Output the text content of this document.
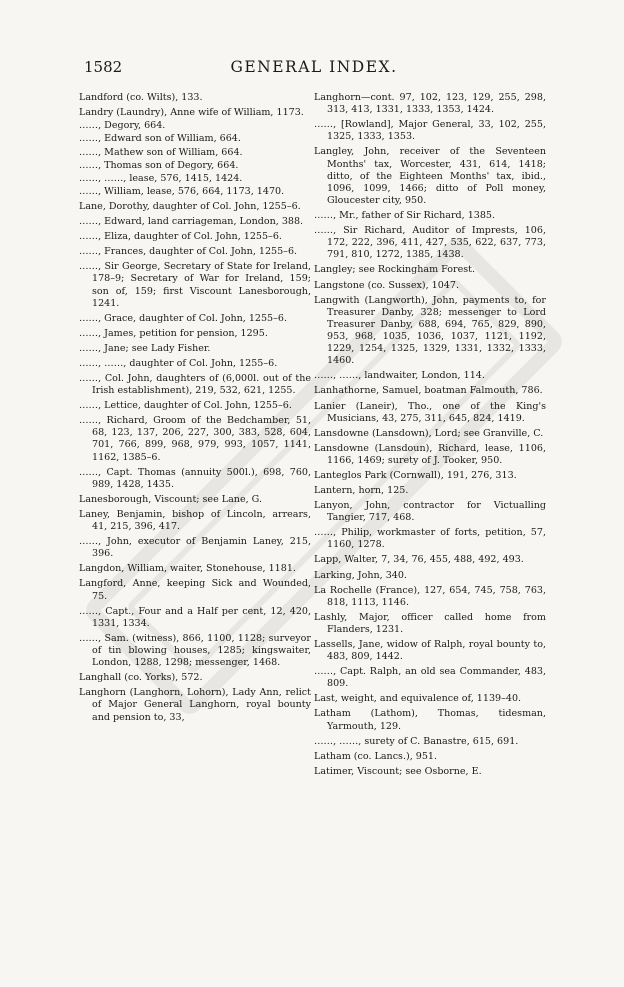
1582	GENERAL INDEX.

Landford (co. Wilts), 133.

Landry (Laundry), Anne wife of William, 1173.

……, Degory, 664.

……, Edward son of William, 664.

……, Mathew son of William, 664.

……, Thomas son of Degory, 664.

……, ……, lease, 576, 1415, 1424.

……, William, lease, 576, 664, 1173, 1470.

Lane, Dorothy, daughter of Col. John, 1255–6.

……, Edward, land carriageman, London, 388.

……, Eliza, daughter of Col. John, 1255–6.

……, Frances, daughter of Col. John, 1255–6.

……, Sir George, Secretary of State for Ireland, 178–9; Secretary of War for Ireland, 159; son of, 159; first Viscount Lanesborough, 1241.

……, Grace, daughter of Col. John, 1255–6.

……, James, petition for pension, 1295.

……, Jane; see Lady Fisher.

……, ……, daughter of Col. John, 1255–6.

……, Col. John, daughters of (6,000l. out of the Irish establishment), 219, 532, 621, 1255.

……, Lettice, daughter of Col. John, 1255–6.

……, Richard, Groom of the Bedchamber, 51, 68, 123, 137, 206, 227, 300, 383, 528, 604, 701, 766, 899, 968, 979, 993, 1057, 1141, 1162, 1385–6.

……, Capt. Thomas (annuity 500l.), 698, 760, 989, 1428, 1435.

Lanesborough, Viscount; see Lane, G.

Laney, Benjamin, bishop of Lincoln, arrears, 41, 215, 396, 417.

……, John, executor of Benjamin Laney, 215, 396.

Langdon, William, waiter, Stonehouse, 1181.

Langford, Anne, keeping Sick and Wounded, 75.

……, Capt., Four and a Half per cent, 12, 420, 1331, 1334.

……, Sam. (witness), 866, 1100, 1128; surveyor of tin blowing houses, 1285; kingswaiter, London, 1288, 1298; messenger, 1468.

Langhall (co. Yorks), 572.

Langhorn (Langhorn, Lohorn), Lady Ann, relict of Major General Langhorn, royal bounty and pension to, 33,

Langhorn—cont. 97, 102, 123, 129, 255, 298, 313, 413, 1331, 1333, 1353, 1424.

……, [Rowland], Major General, 33, 102, 255, 1325, 1333, 1353.

Langley, John, receiver of the Seventeen Months' tax, Worcester, 431, 614, 1418; ditto, of the Eighteen Months' tax, ibid., 1096, 1099, 1466; ditto of Poll money, Gloucester city, 950.

……, Mr., father of Sir Richard, 1385.

……, Sir Richard, Auditor of Imprests, 106, 172, 222, 396, 411, 427, 535, 622, 637, 773, 791, 810, 1272, 1385, 1438.

Langley; see Rockingham Forest.

Langstone (co. Sussex), 1047.

Langwith (Langworth), John, payments to, for Treasurer Danby, 328; messenger to Lord Treasurer Danby, 688, 694, 765, 829, 890, 953, 968, 1035, 1036, 1037, 1121, 1192, 1229, 1254, 1325, 1329, 1331, 1332, 1333, 1460.

……, ……, landwaiter, London, 114.

Lanhathorne, Samuel, boatman Falmouth, 786.

Lanier (Laneir), Tho., one of the King's Musicians, 43, 275, 311, 645, 824, 1419.

Lansdowne (Lansdown), Lord; see Granville, C.

Lansdowne (Lansdoun), Richard, lease, 1106, 1166, 1469; surety of J. Tooker, 950.

Lanteglos Park (Cornwall), 191, 276, 313.

Lantern, horn, 125.

Lanyon, John, contractor for Victualling Tangier, 717, 468.

……, Philip, workmaster of forts, petition, 57, 1160, 1278.

Lapp, Walter, 7, 34, 76, 455, 488, 492, 493.

Larking, John, 340.

La Rochelle (France), 127, 654, 745, 758, 763, 818, 1113, 1146.

Lashly, Major, officer called home from Flanders, 1231.

Lassells, Jane, widow of Ralph, royal bounty to, 483, 809, 1442.

……, Capt. Ralph, an old sea Commander, 483, 809.

Last, weight, and equivalence of, 1139–40.

Latham (Lathom), Thomas, tidesman, Yarmouth, 129.

……, ……, surety of C. Banastre, 615, 691.

Latham (co. Lancs.), 951.

Latimer, Viscount; see Osborne, E.
